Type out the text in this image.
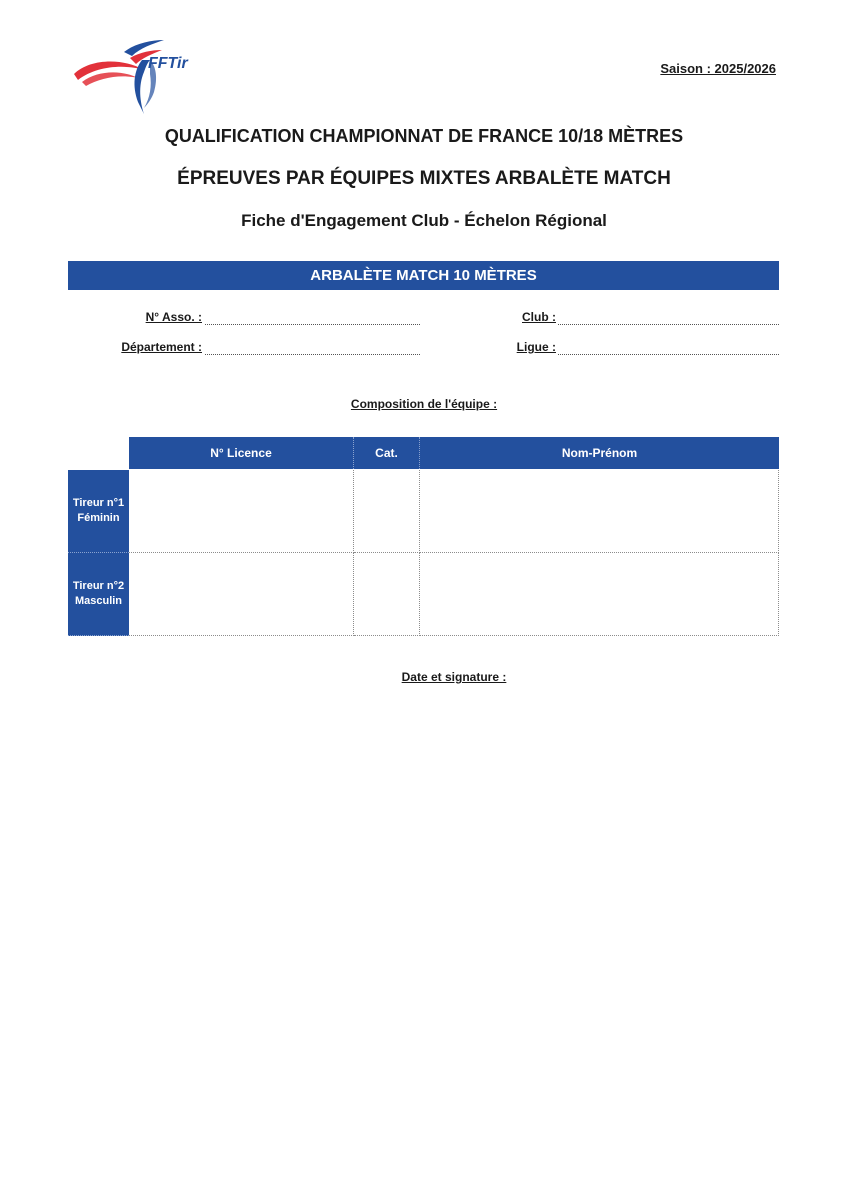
FFTir	Saison : 2025/2026
QUALIFICATION CHAMPIONNAT DE FRANCE 10/18 MÈTRES
ÉPREUVES PAR ÉQUIPES MIXTES ARBALÈTE MATCH
Fiche d'Engagement Club - Échelon Régional
ARBALÈTE MATCH 10 MÈTRES
N° Asso. :	Club :
Département :	Ligue :
Composition de l'équipe :
N° Licence	Cat.	Nom-Prénom
Tireur n°1
Féminin
Tireur n°2
Masculin
Date et signature :
